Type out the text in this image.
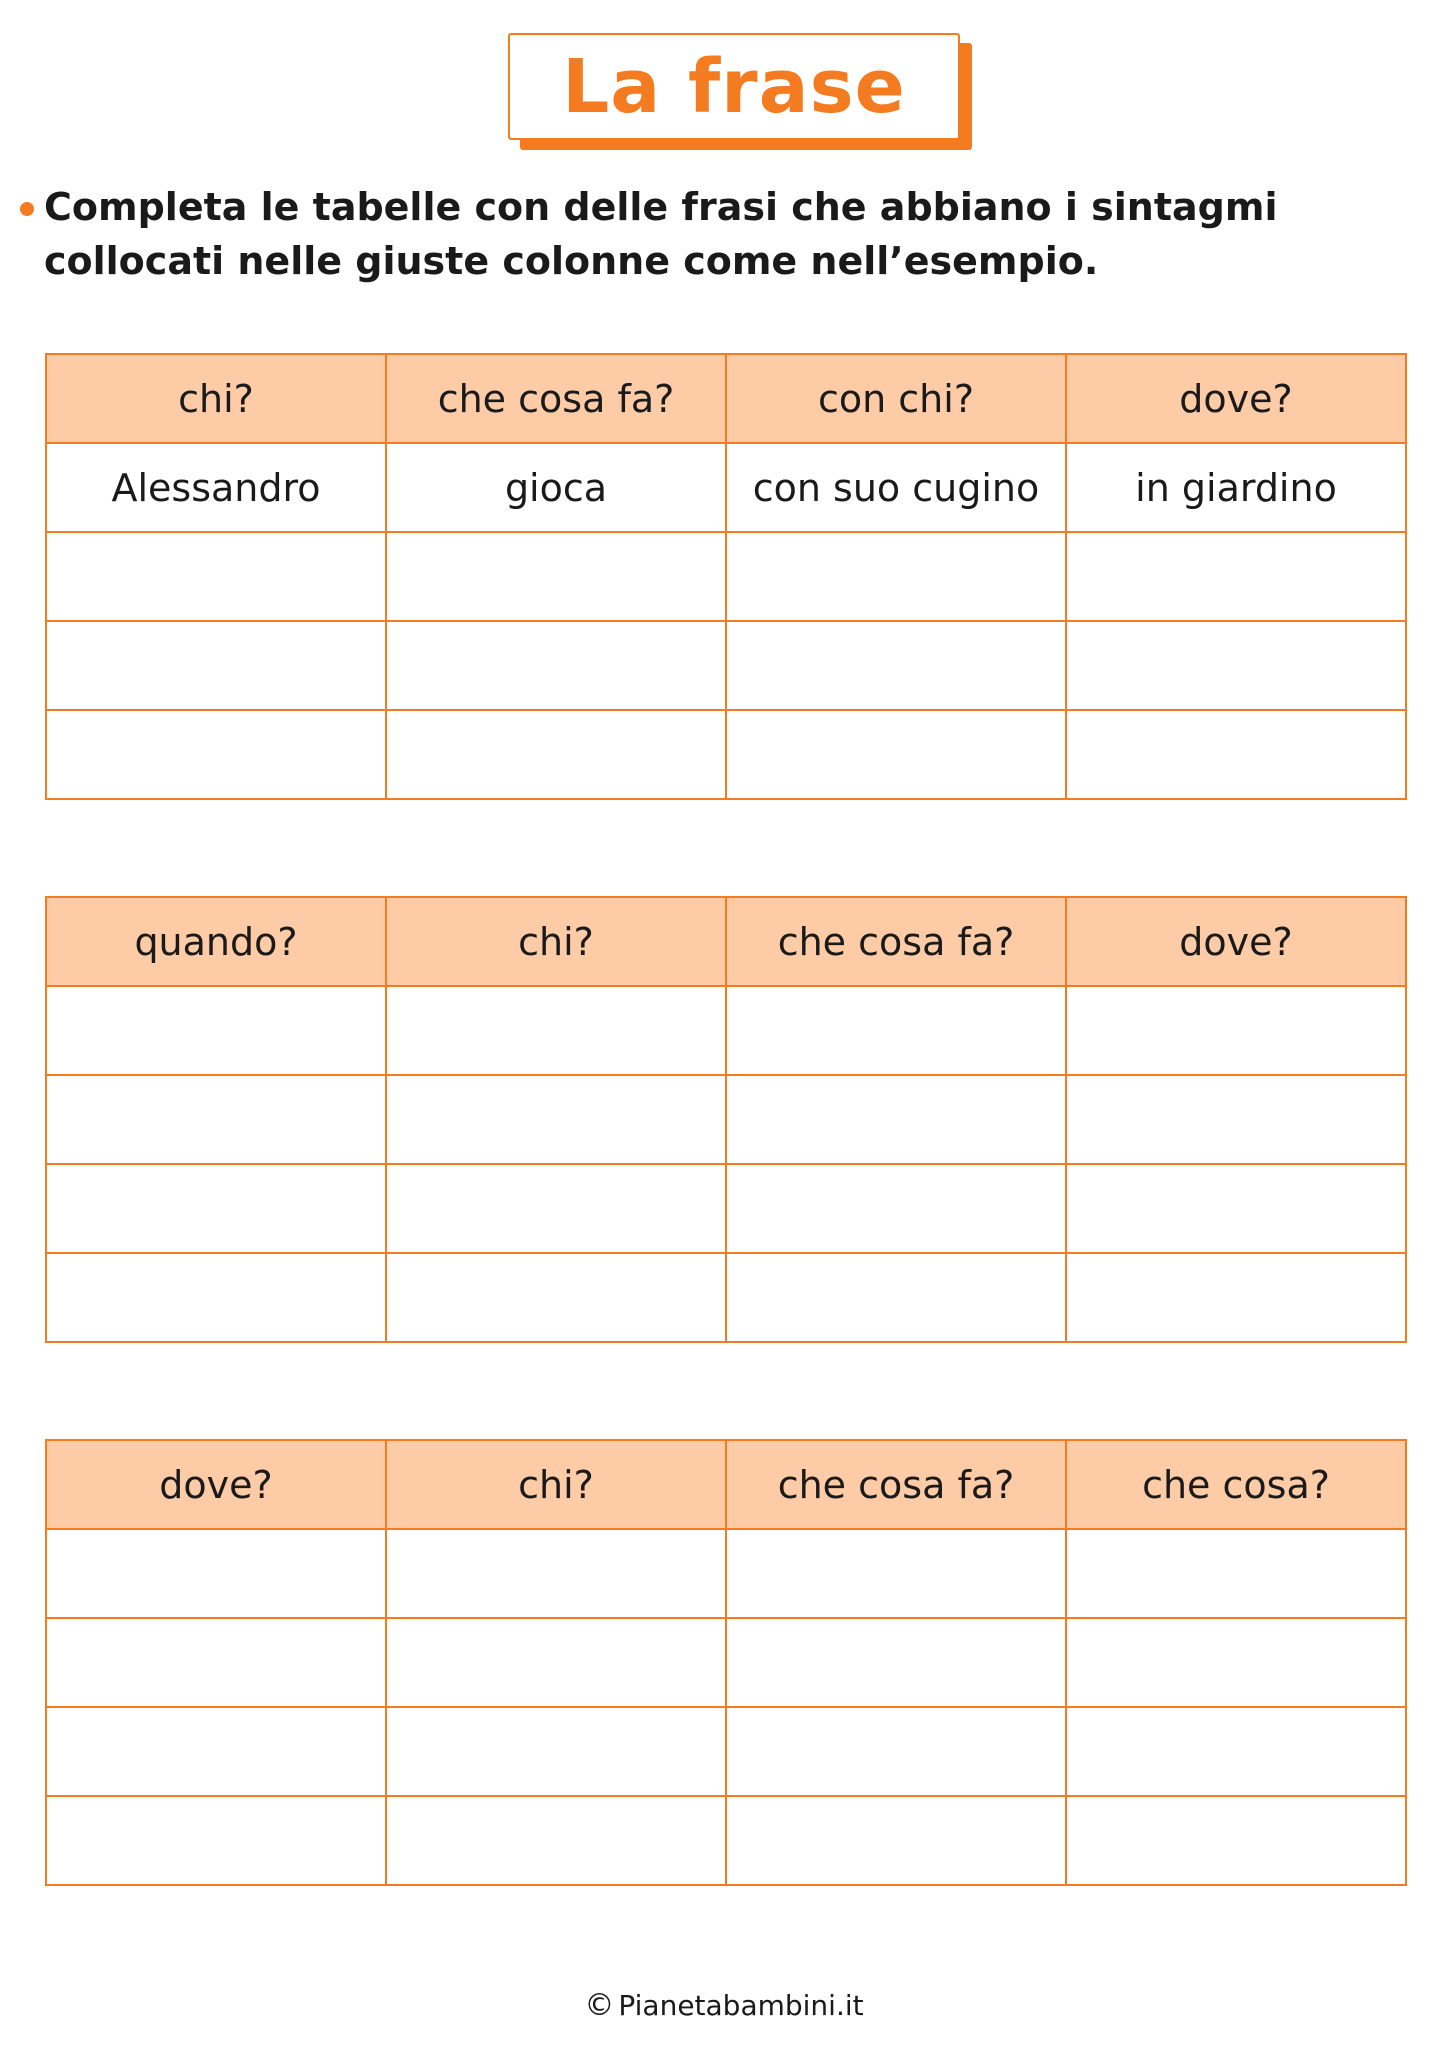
La frase
Completa le tabelle con delle frasi che abbiano i sintagmi collocati nelle giuste colonne come nell’esempio.
chi?	che cosa fa?	con chi?	dove?
Alessandro	gioca	con suo cugino	in giardino

quando?	chi?	che cosa fa?	dove?

dove?	chi?	che cosa fa?	che cosa?

© Pianetabambini.it
